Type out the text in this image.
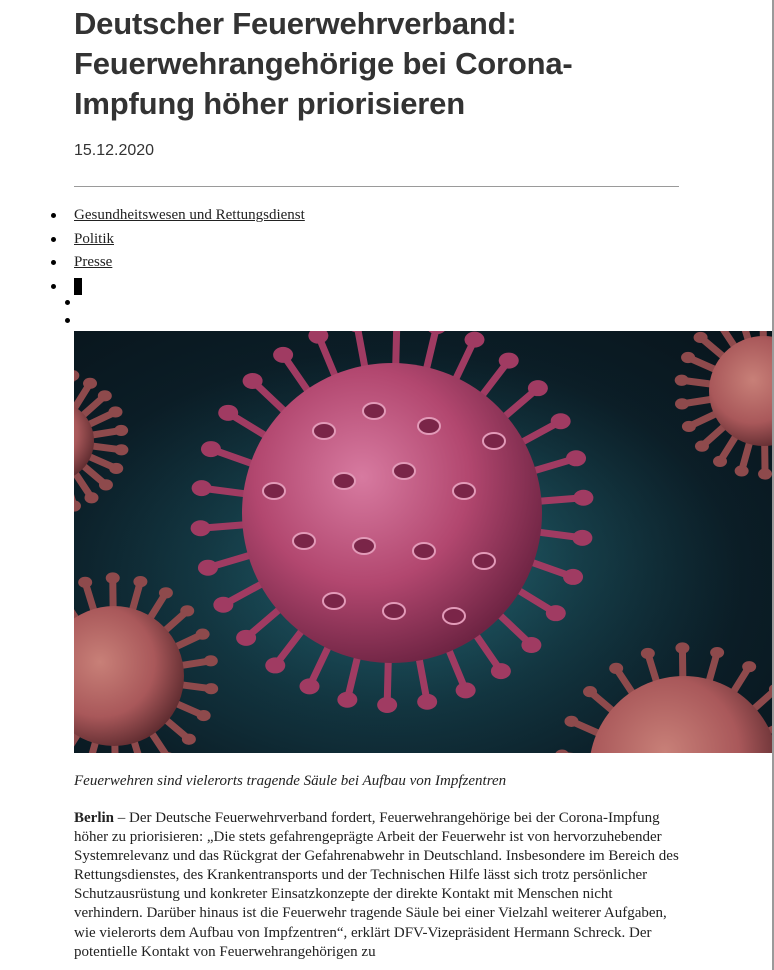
Deutscher Feuerwehrverband: Feuerwehrangehörige bei Corona-Impfung höher priorisieren
15.12.2020
Gesundheitswesen und Rettungsdienst
Politik
Presse
Feuerwehren sind vielerorts tragende Säule bei Aufbau von Impfzentren

Berlin – Der Deutsche Feuerwehrverband fordert, Feuerwehrangehörige bei der Corona-Impfung höher zu priorisieren: „Die stets gefahrengeprägte Arbeit der Feuerwehr ist von hervorzuhebender Systemrelevanz und das Rückgrat der Gefahrenabwehr in Deutschland. Insbesondere im Bereich des Rettungsdienstes, des Krankentransports und der Technischen Hilfe lässt sich trotz persönlicher Schutzausrüstung und konkreter Einsatzkonzepte der direkte Kontakt mit Menschen nicht verhindern. Darüber hinaus ist die Feuerwehr tragende Säule bei einer Vielzahl weiterer Aufgaben, wie vielerorts dem Aufbau von Impfzentren“, erklärt DFV-Vizepräsident Hermann Schreck. Der potentielle Kontakt von Feuerwehrangehörigen zu
